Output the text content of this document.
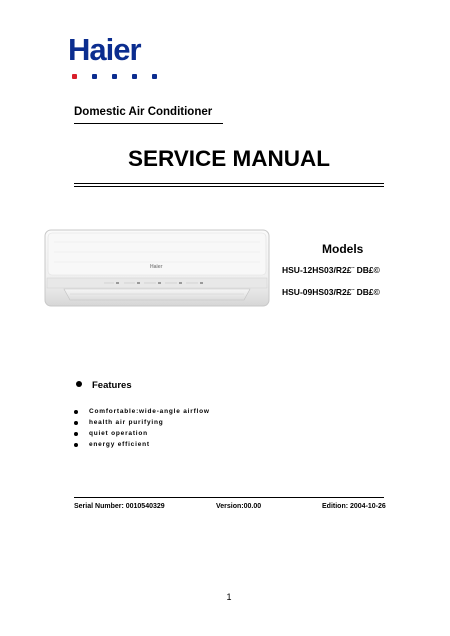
Haier
Domestic Air Conditioner
SERVICE MANUAL
Haier
Models
HSU-12HS03/R2£¨ DB£©
HSU-09HS03/R2£¨ DB£©
Features
Comfortable:wide-angle airflow
health air purifying
quiet operation
energy efficient
Serial Number: 0010540329	Version:00.00	Edition: 2004-10-26
1
